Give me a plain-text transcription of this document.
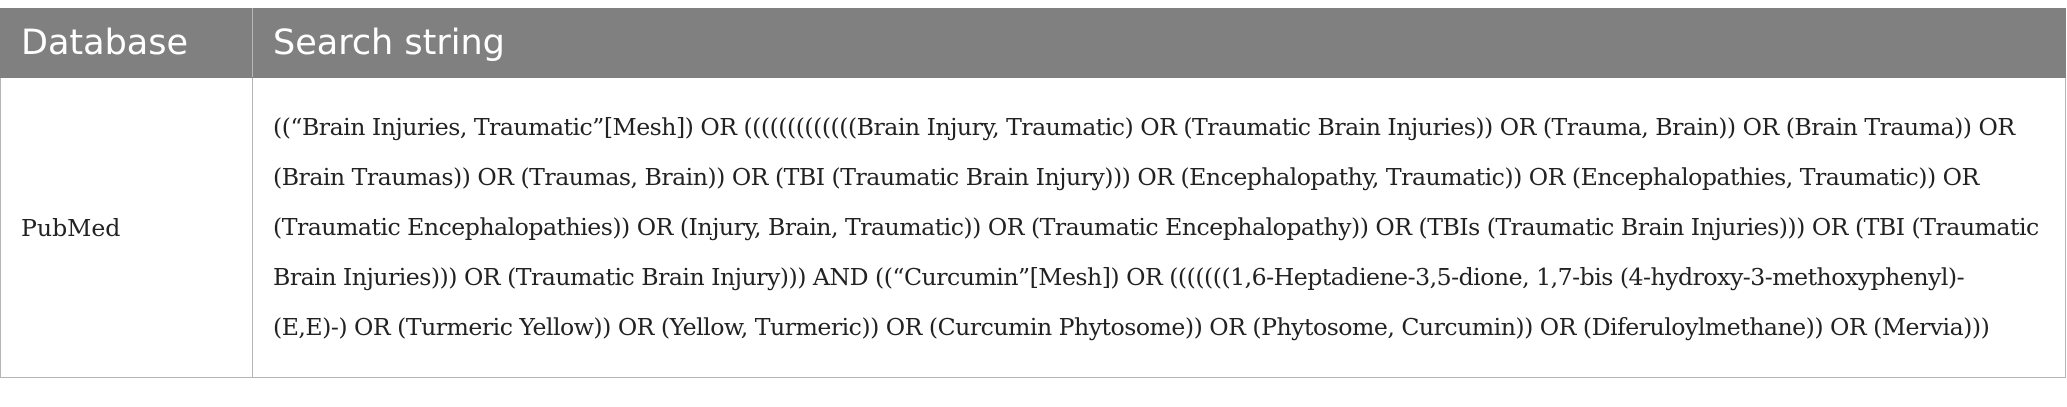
Database	Search string
PubMed	((“Brain Injuries, Traumatic”[Mesh]) OR (((((((((((((Brain Injury, Traumatic) OR (Traumatic Brain Injuries)) OR (Trauma, Brain)) OR (Brain Trauma)) OR (Brain Traumas)) OR (Traumas, Brain)) OR (TBI (Traumatic Brain Injury))) OR (Encephalopathy, Traumatic)) OR (Encephalopathies, Traumatic)) OR (Traumatic Encephalopathies)) OR (Injury, Brain, Traumatic)) OR (Traumatic Encephalopathy)) OR (TBIs (Traumatic Brain Injuries))) OR (TBI (Traumatic Brain Injuries))) OR (Traumatic Brain Injury))) AND ((“Curcumin”[Mesh]) OR (((((((1,6-Heptadiene-3,5-dione, 1,7-bis (4-hydroxy-3-methoxyphenyl)- (E,E)-) OR (Turmeric Yellow)) OR (Yellow, Turmeric)) OR (Curcumin Phytosome)) OR (Phytosome, Curcumin)) OR (Diferuloylmethane)) OR (Mervia)))
